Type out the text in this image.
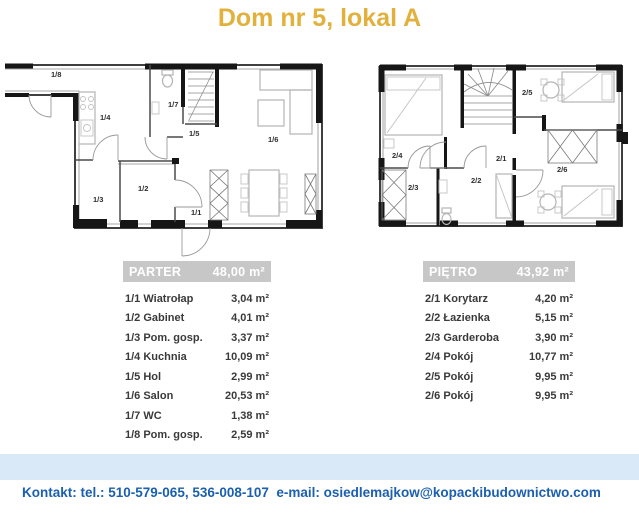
Dom nr 5, lokal A
1/8
1/4
1/7
1/5
1/6
1/3
1/2
1/1
2/4
2/5
2/1
2/2
2/3
2/6
PARTER	48,00 m²
1/1 Wiatrołap	3,04 m²
1/2 Gabinet	4,01 m²
1/3 Pom. gosp.	3,37 m²
1/4 Kuchnia	10,09 m²
1/5 Hol	2,99 m²
1/6 Salon	20,53 m²
1/7 WC	1,38 m²
1/8 Pom. gosp.	2,59 m²
PIĘTRO	43,92 m²
2/1 Korytarz	4,20 m²
2/2 Łazienka	5,15 m²
2/3 Garderoba	3,90 m²
2/4 Pokój	10,77 m²
2/5 Pokój	9,95 m²
2/6 Pokój	9,95 m²

Kontakt: tel.: 510-579-065, 536-008-107  e-mail: osiedlemajkow@kopackibudownictwo.com
